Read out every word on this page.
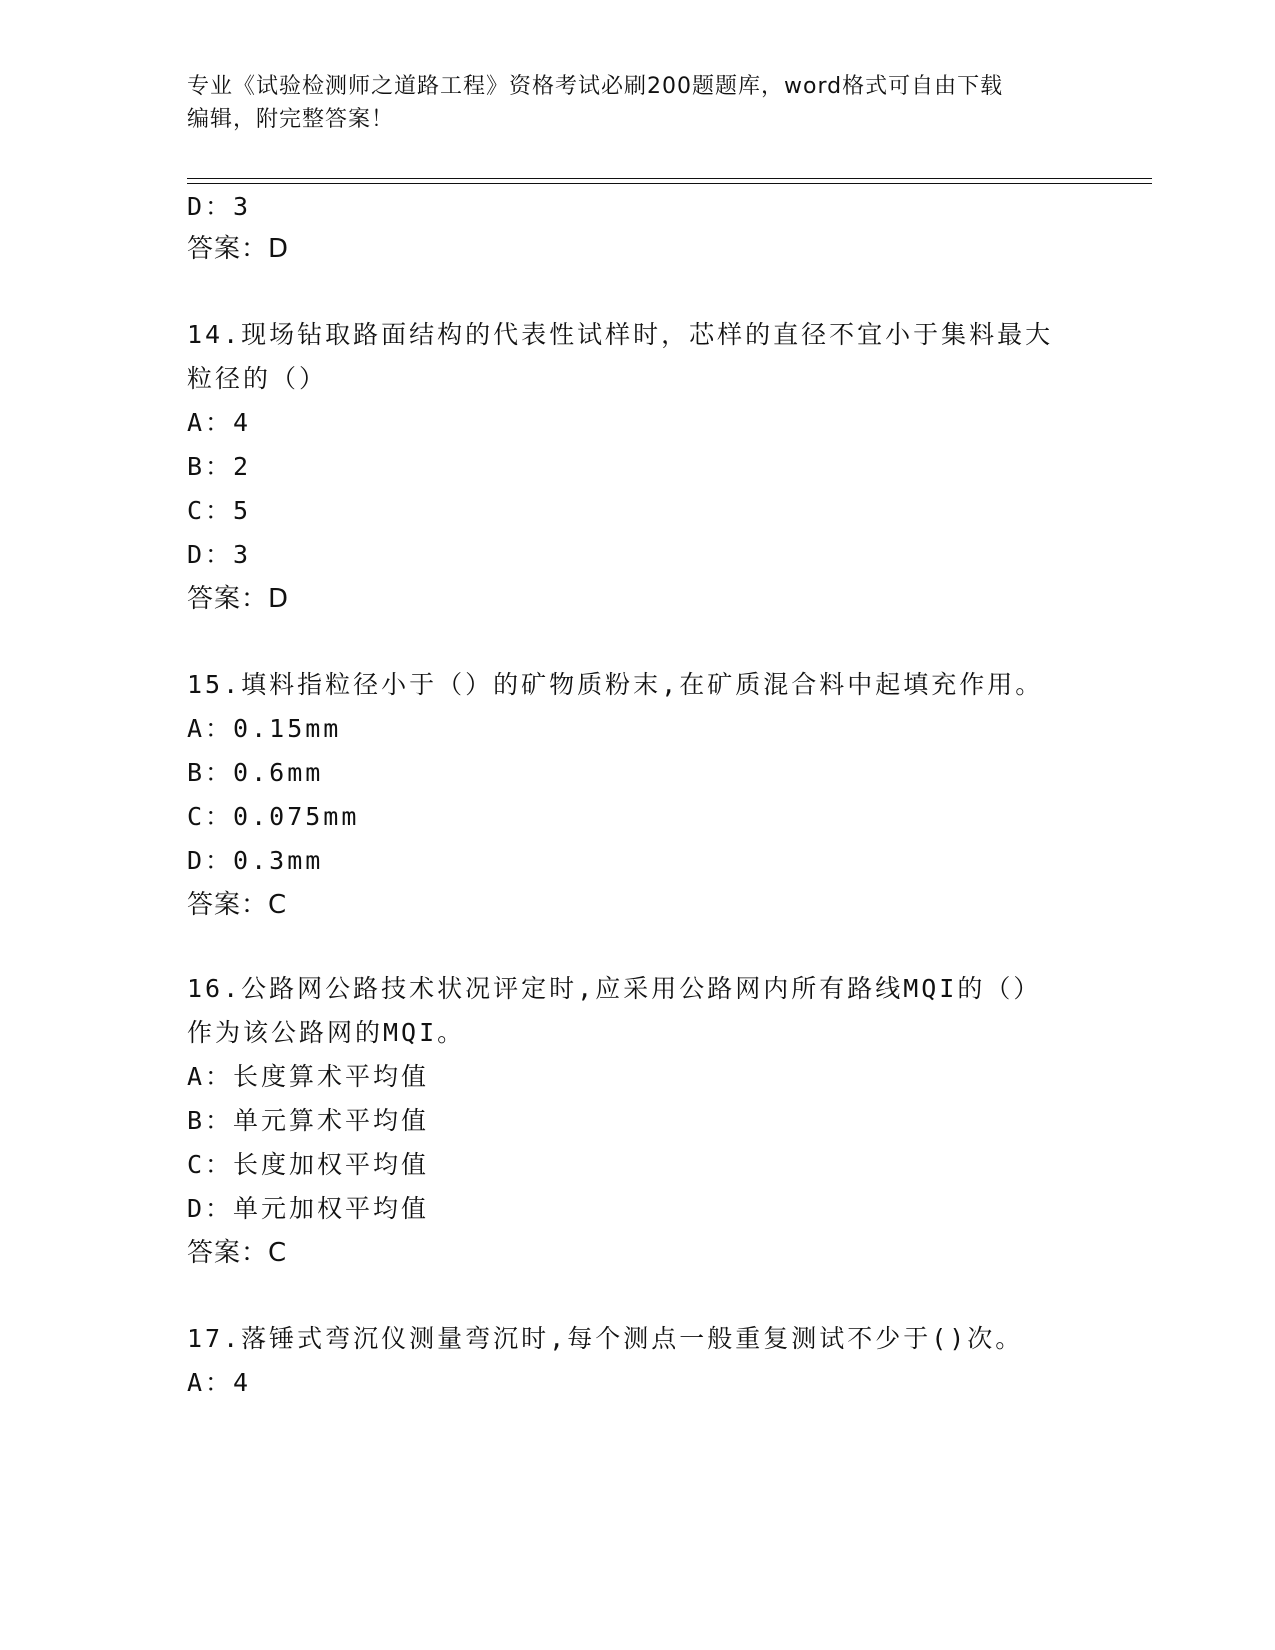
专业《试验检测师之道路工程》资格考试必刷200题题库，word格式可自由下载
编辑，附完整答案！
D：3
答案：D
14.现场钻取路面结构的代表性试样时，芯样的直径不宜小于集料最大
粒径的（）
A：4
B：2
C：5
D：3
答案：D
15.填料指粒径小于（）的矿物质粉末,在矿质混合料中起填充作用。
A：0.15mm
B：0.6mm
C：0.075mm
D：0.3mm
答案：C
16.公路网公路技术状况评定时,应采用公路网内所有路线MQI的（）
作为该公路网的MQI。
A：长度算术平均值
B：单元算术平均值
C：长度加权平均值
D：单元加权平均值
答案：C
17.落锤式弯沉仪测量弯沉时,每个测点一般重复测试不少于()次。
A：4
